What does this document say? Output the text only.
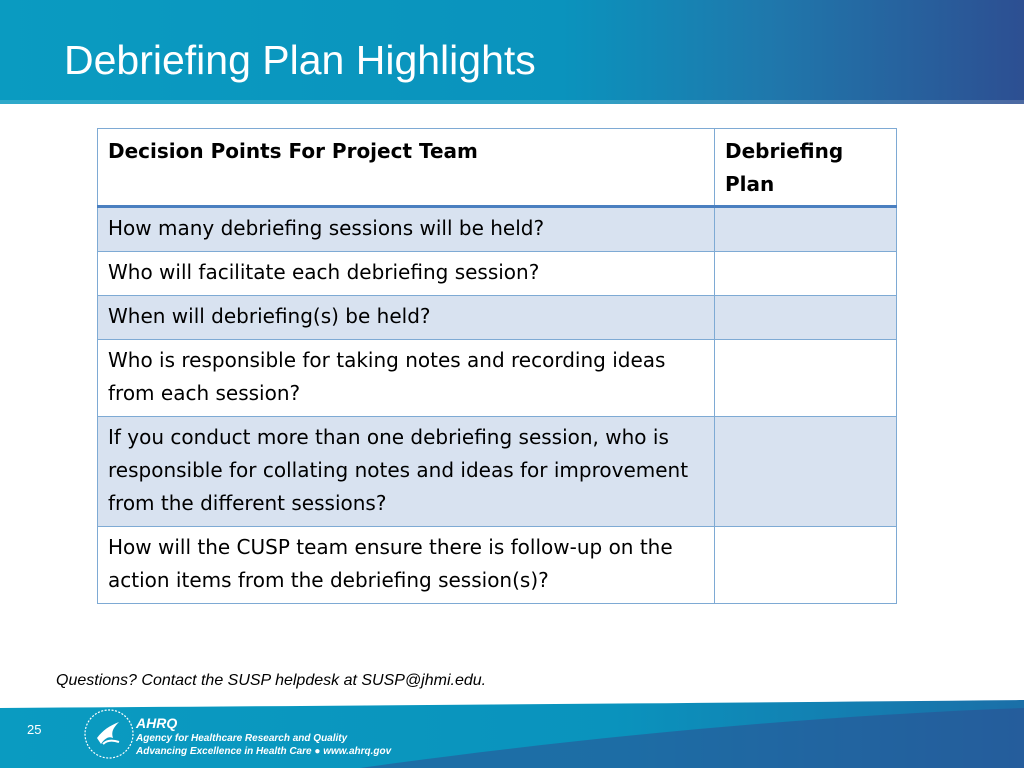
Debriefing Plan Highlights
Decision Points For Project Team	Debriefing Plan
How many debriefing sessions will be held?	
Who will facilitate each debriefing session?	
When will debriefing(s) be held?	
Who is responsible for taking notes and recording ideas from each session?	
If you conduct more than one debriefing session, who is responsible for collating notes and ideas for improvement from the different sessions?	
How will the CUSP team ensure there is follow-up on the action items from the debriefing session(s)?	

Questions? Contact the SUSP helpdesk at SUSP@jhmi.edu.

25	AHRQ
Agency for Healthcare Research and Quality
Advancing Excellence in Health Care ● www.ahrq.gov
